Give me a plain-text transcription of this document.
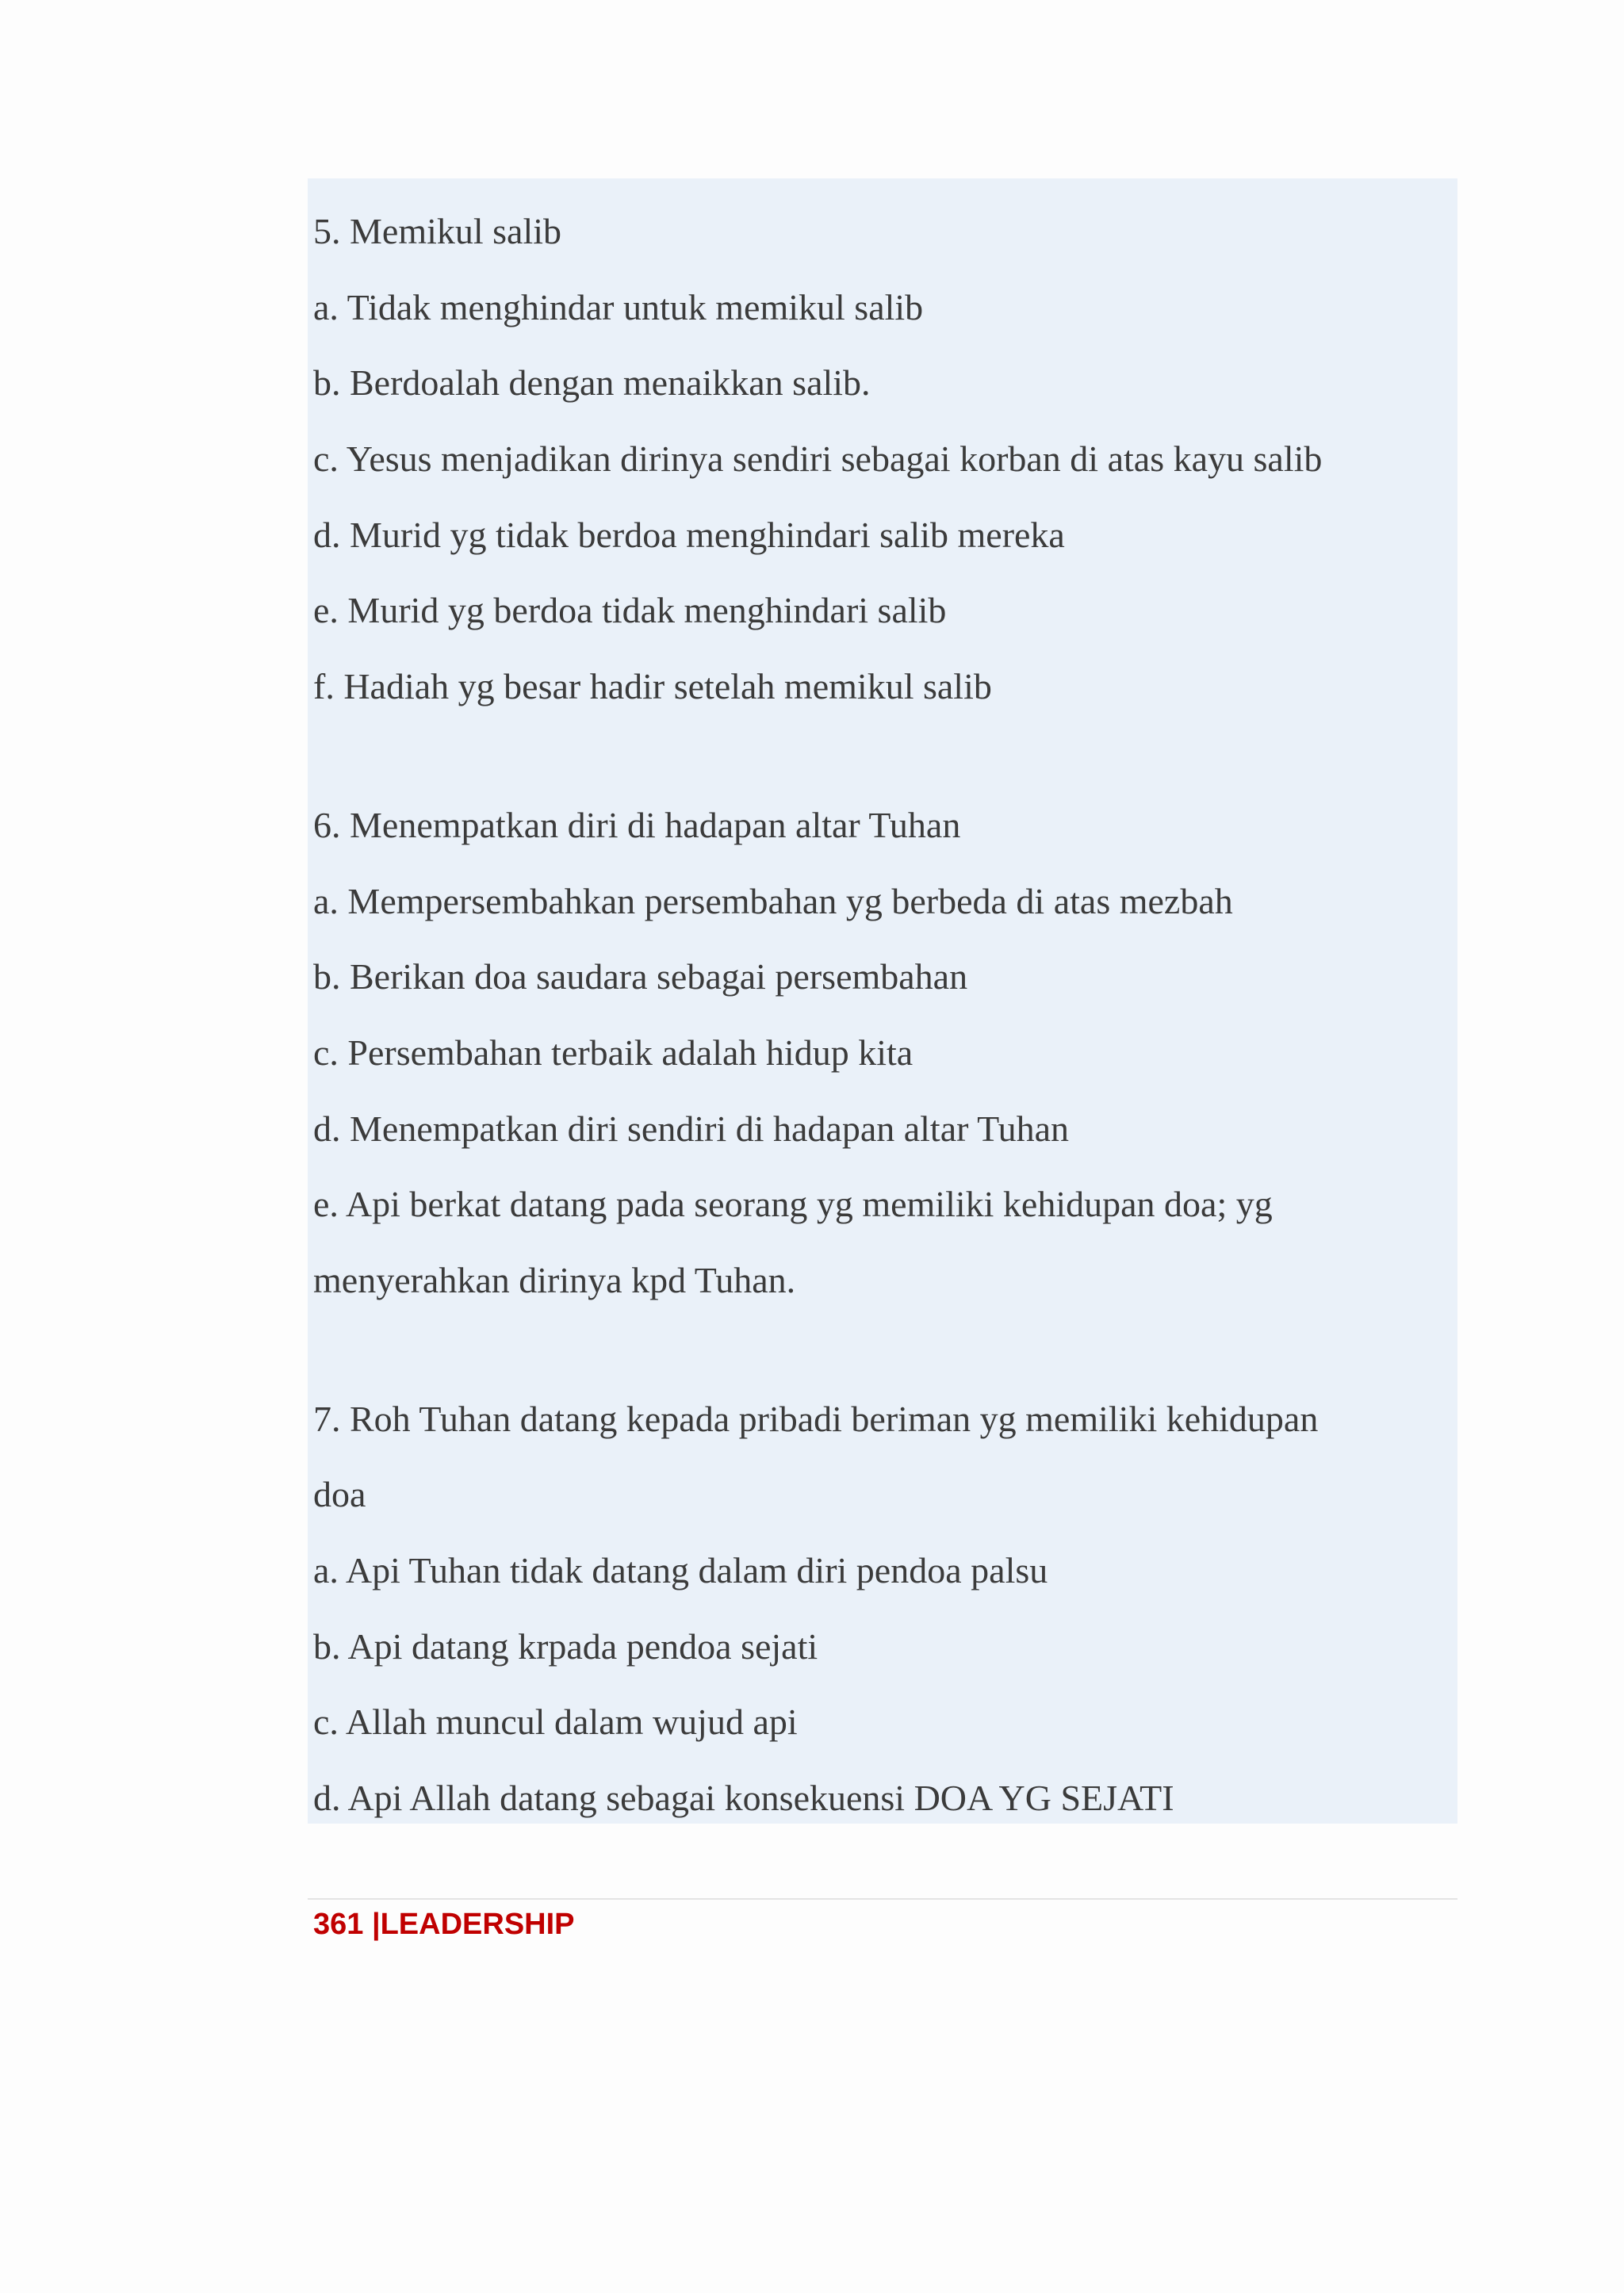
5. Memikul salib
a. Tidak menghindar untuk memikul salib
b. Berdoalah dengan menaikkan salib.
c. Yesus menjadikan dirinya sendiri sebagai korban di atas kayu salib
d. Murid yg tidak berdoa menghindari salib mereka
e. Murid yg berdoa tidak menghindari salib
f. Hadiah yg besar hadir setelah memikul salib
6. Menempatkan diri di hadapan altar Tuhan
a. Mempersembahkan persembahan yg berbeda di atas mezbah
b. Berikan doa saudara sebagai persembahan
c. Persembahan terbaik adalah hidup kita
d. Menempatkan diri sendiri di hadapan altar Tuhan
e. Api berkat datang pada seorang yg memiliki kehidupan doa; yg
menyerahkan dirinya kpd Tuhan.
7. Roh Tuhan datang kepada pribadi beriman yg memiliki kehidupan
doa
a. Api Tuhan tidak datang dalam diri pendoa palsu
b. Api datang krpada pendoa sejati
c. Allah muncul dalam wujud api
d. Api Allah datang sebagai konsekuensi DOA YG SEJATI
361 |LEADERSHIP
